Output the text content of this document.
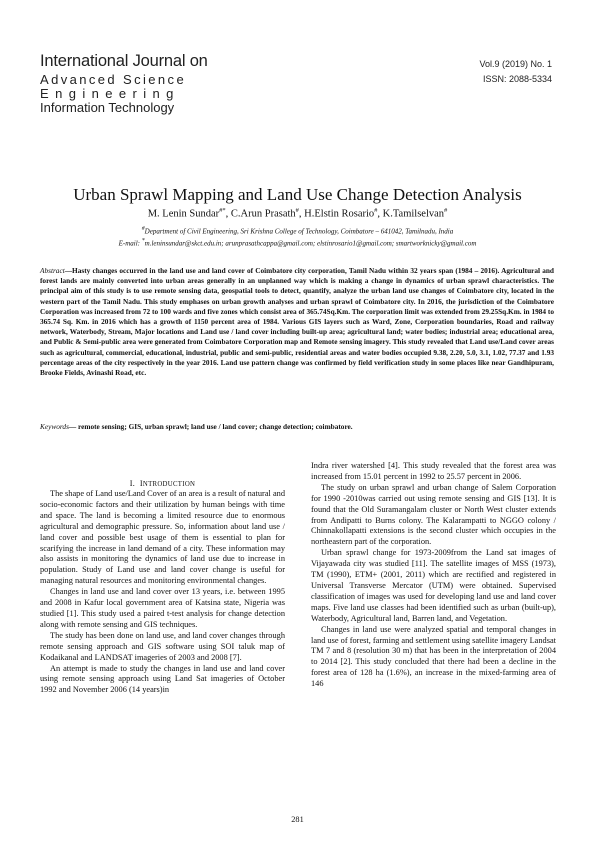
International Journal on
Advanced Science
Engineering
Information Technology
Vol.9 (2019) No. 1
ISSN: 2088-5334
Urban Sprawl Mapping and Land Use Change Detection Analysis
M. Lenin Sundar#*, C.Arun Prasath#, H.Elstin Rosario#, K.Tamilselvan#
#Department of Civil Engineering, Sri Krishna College of Technology, Coimbatore – 641042, Tamilnadu, India
E-mail: *m.leninsundar@skct.edu.in; arunprasathcappa@gmail.com; elstinrosario1@gmail.com; smartworknicky@gmail.com
Abstract—Hasty changes occurred in the land use and land cover of Coimbatore city corporation, Tamil Nadu within 32 years span (1984 – 2016). Agricultural and forest lands are mainly converted into urban areas generally in an unplanned way which is making a change in dynamics of urban sprawl characteristics. The principal aim of this study is to use remote sensing data, geospatial tools to detect, quantify, analyze the urban land use changes of Coimbatore city, located in the western part of the Tamil Nadu. This study emphases on urban growth analyses and urban sprawl of Coimbatore city. In 2016, the jurisdiction of the Coimbatore Corporation was increased from 72 to 100 wards and five zones which consist area of 365.74Sq.Km. The corporation limit was extended from 29.25Sq.Km. in 1984 to 365.74 Sq. Km. in 2016 which has a growth of 1150 percent area of 1984. Various GIS layers such as Ward, Zone, Corporation boundaries, Road and railway network, Waterbody, Stream, Major locations and Land use / land cover including built-up area; agricultural land; water bodies; industrial area; educational area, and Public & Semi-public area were generated from Coimbatore Corporation map and Remote sensing imagery. This study revealed that Land use/Land cover areas such as agricultural, commercial, educational, industrial, public and semi-public, residential areas and water bodies occupied 9.38, 2.20, 5.0, 3.1, 1.02, 77.37 and 1.93 percentage areas of the city respectively in the year 2016. Land use pattern change was confirmed by field verification study in some places like near Gandhipuram, Brooke Fields, Avinashi Road, etc.
Keywords— remote sensing; GIS, urban sprawl; land use / land cover; change detection; coimbatore.
I. INTRODUCTION

The shape of Land use/Land Cover of an area is a result of natural and socio-economic factors and their utilization by human beings with time and space. The land is becoming a limited resource due to enormous agricultural and demographic pressure. So, information about land use / land cover and possible best usage of them is essential to plan for scarifying the increase in land demand of a city. These information may also assists in monitoring the dynamics of land use due to increase in population. Study of Land use and land cover change is useful for managing natural resources and monitoring environmental changes.

Changes in land use and land cover over 13 years, i.e. between 1995 and 2008 in Kafur local government area of Katsina state, Nigeria was studied [1]. This study used a paired t-test analysis for change detection along with remote sensing and GIS techniques.

The study has been done on land use, and land cover changes through remote sensing approach and GIS software using SOI taluk map of Kodaikanal and LANDSAT imageries of 2003 and 2008 [7].

An attempt is made to study the changes in land use and land cover using remote sensing approach using Land Sat imageries of October 1992 and November 2006 (14 years)in

Indra river watershed [4]. This study revealed that the forest area was increased from 15.01 percent in 1992 to 25.57 percent in 2006.

The study on urban sprawl and urban change of Salem Corporation for 1990 -2010was carried out using remote sensing and GIS [13]. It is found that the Old Suramangalam cluster or North West cluster extends from Andipatti to Burns colony. The Kalarampatti to NGGO colony / Chinnakollapatti extensions is the second cluster which occupies in the northeastern part of the corporation.

Urban sprawl change for 1973-2009from the Land sat images of Vijayawada city was studied [11]. The satellite images of MSS (1973), TM (1990), ETM+ (2001, 2011) which are rectified and registered in Universal Transverse Mercator (UTM) were obtained. Supervised classification of images was used for developing land use and land cover maps. Five land use classes had been identified such as urban (built-up), Waterbody, Agricultural land, Barren land, and Vegetation.

Changes in land use were analyzed spatial and temporal changes in land use of forest, farming and settlement using satellite imagery Landsat TM 7 and 8 (resolution 30 m) that has been in the interpretation of 2004 to 2014 [2]. This study concluded that there had been a decline in the forest area of 128 ha (1.6%), an increase in the mixed-farming area of 146

281
